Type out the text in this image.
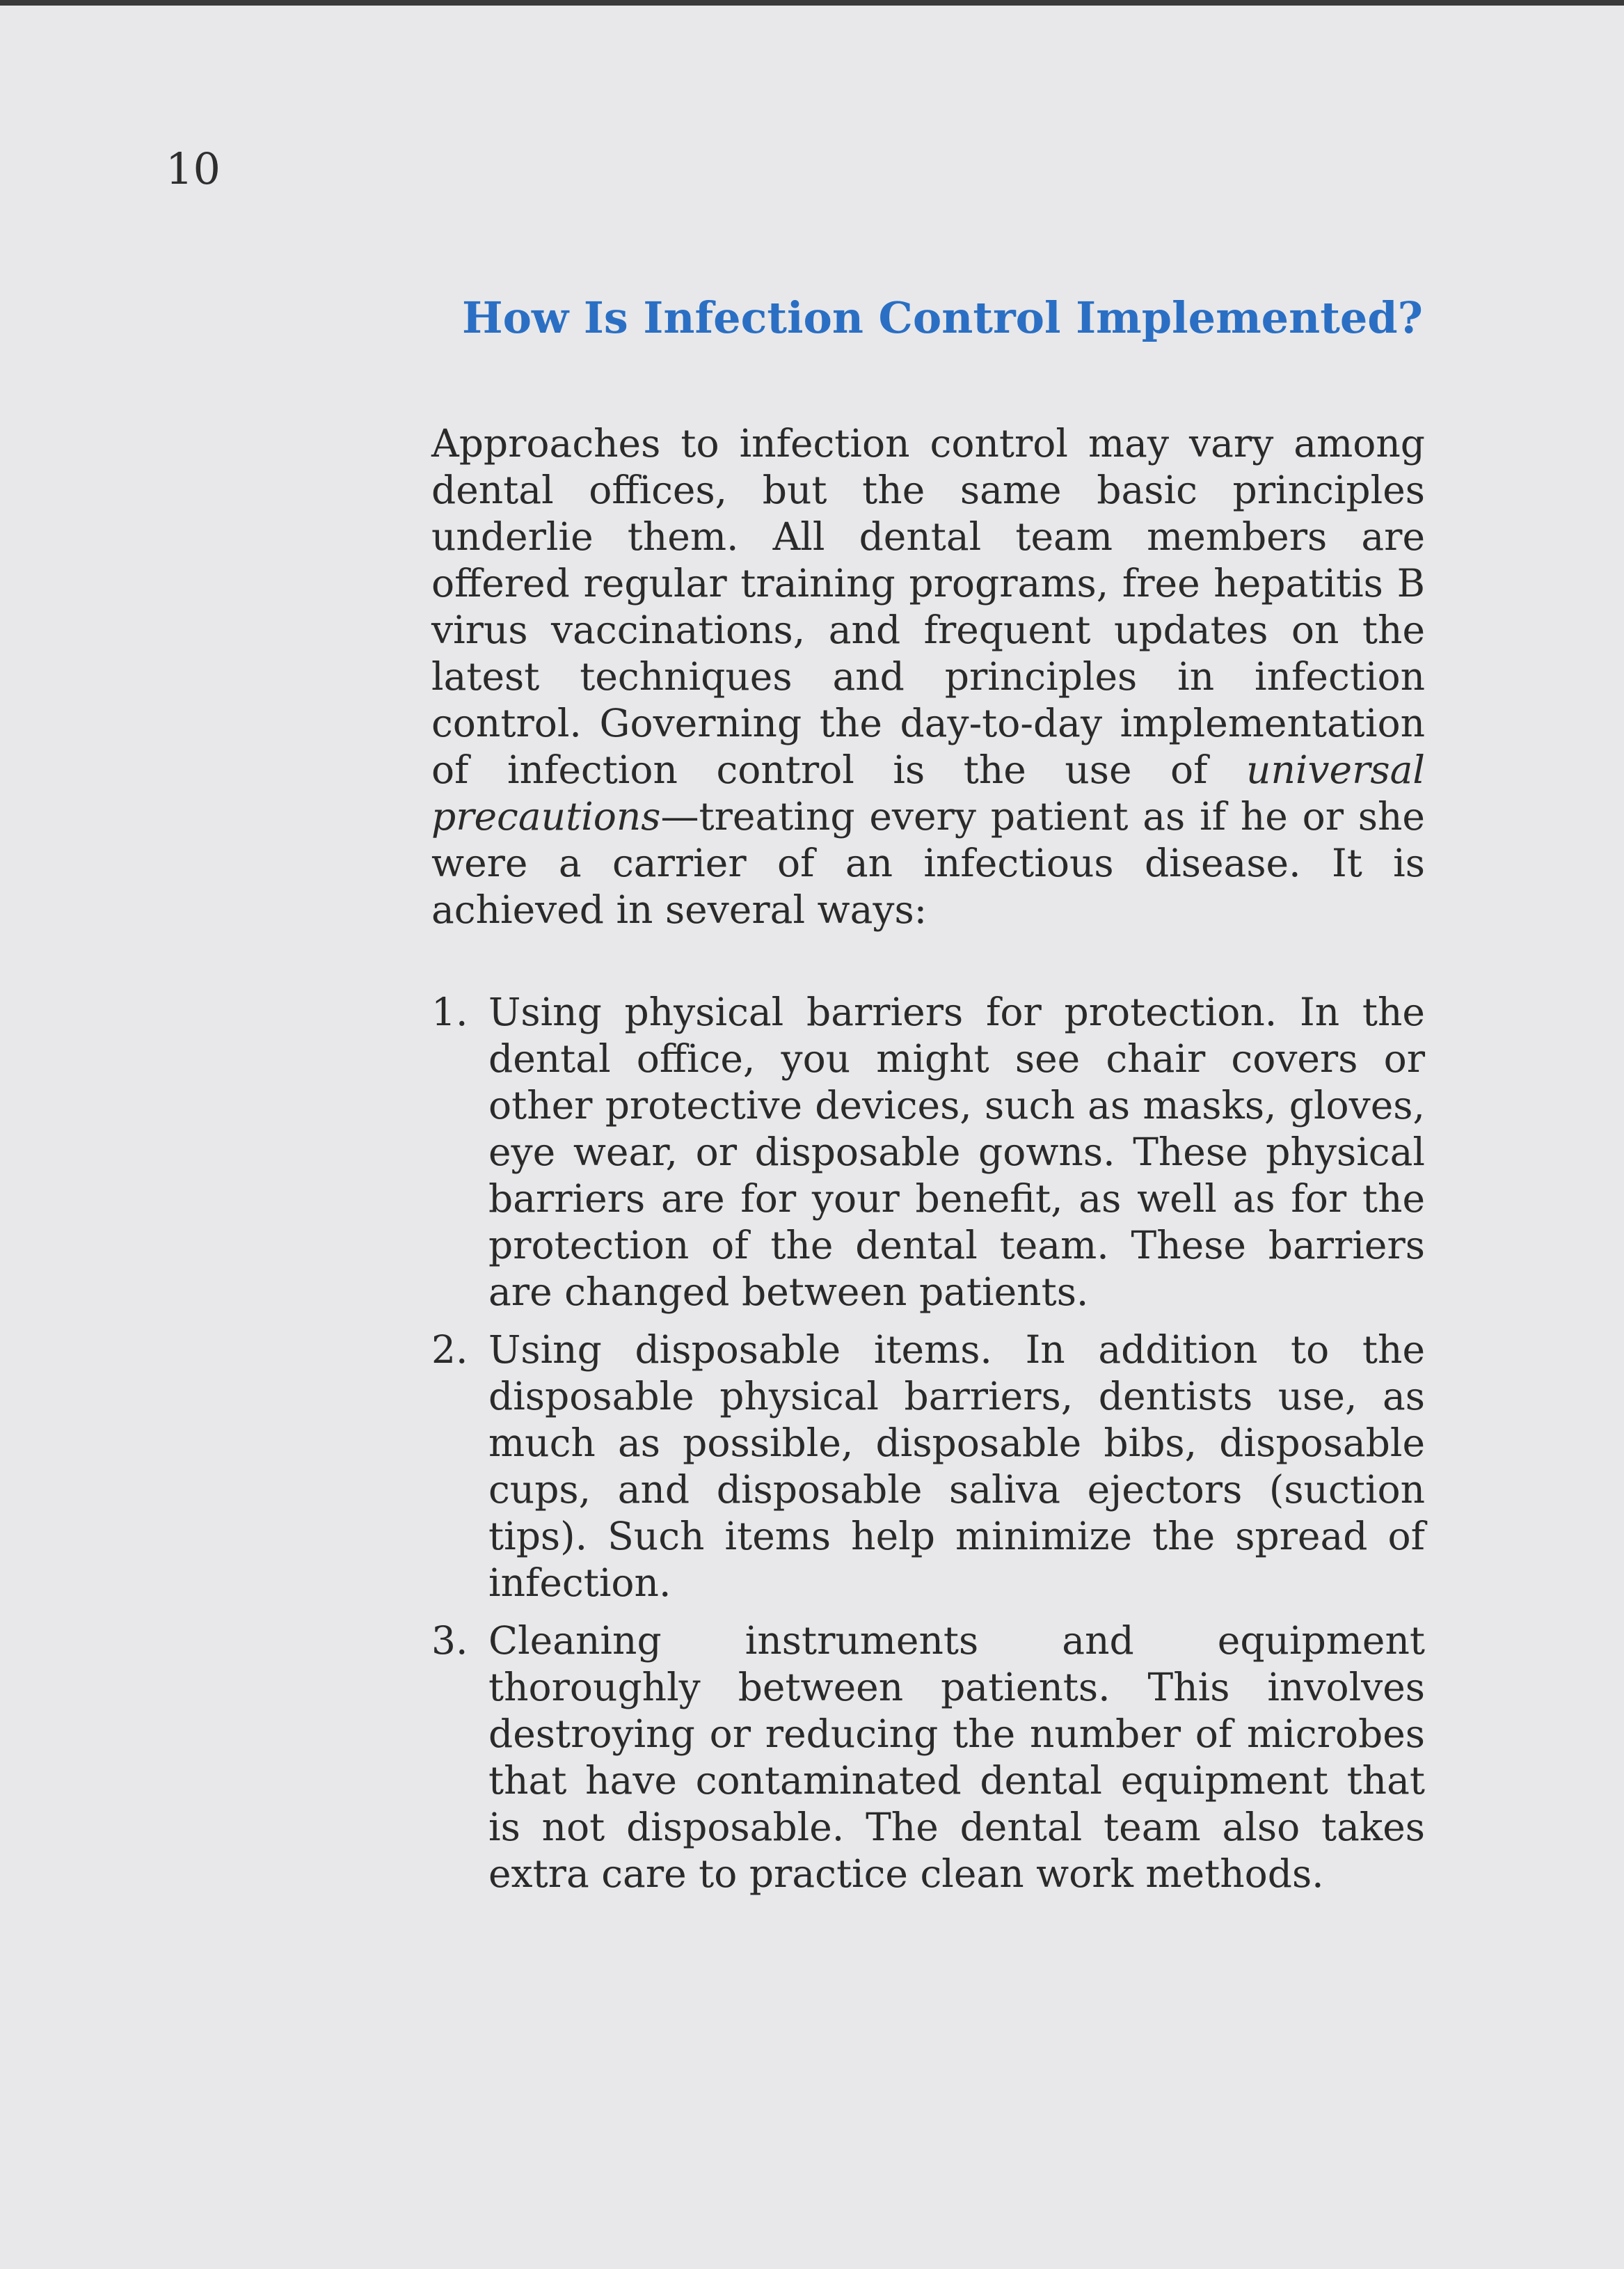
10
How Is Infection Control Implemented?

Approaches to infection control may vary among dental offices, but the same basic principles underlie them. All dental team members are offered regular training programs, free hepatitis B virus vaccinations, and frequent updates on the latest techniques and principles in infection control. Governing the day-to-day implementation of infection control is the use of universal precautions—treating every patient as if he or she were a carrier of an infectious disease. It is achieved in several ways:

1. Using physical barriers for protection. In the dental office, you might see chair covers or other protective devices, such as masks, gloves, eye wear, or disposable gowns. These physical barriers are for your benefit, as well as for the protection of the dental team. These barriers are changed between patients.
2. Using disposable items. In addition to the disposable physical barriers, dentists use, as much as possible, disposable bibs, disposable cups, and disposable saliva ejectors (suction tips). Such items help minimize the spread of infection.
3. Cleaning instruments and equipment thoroughly between patients. This involves destroying or reducing the number of microbes that have contaminated dental equipment that is not disposable. The dental team also takes extra care to practice clean work methods.
